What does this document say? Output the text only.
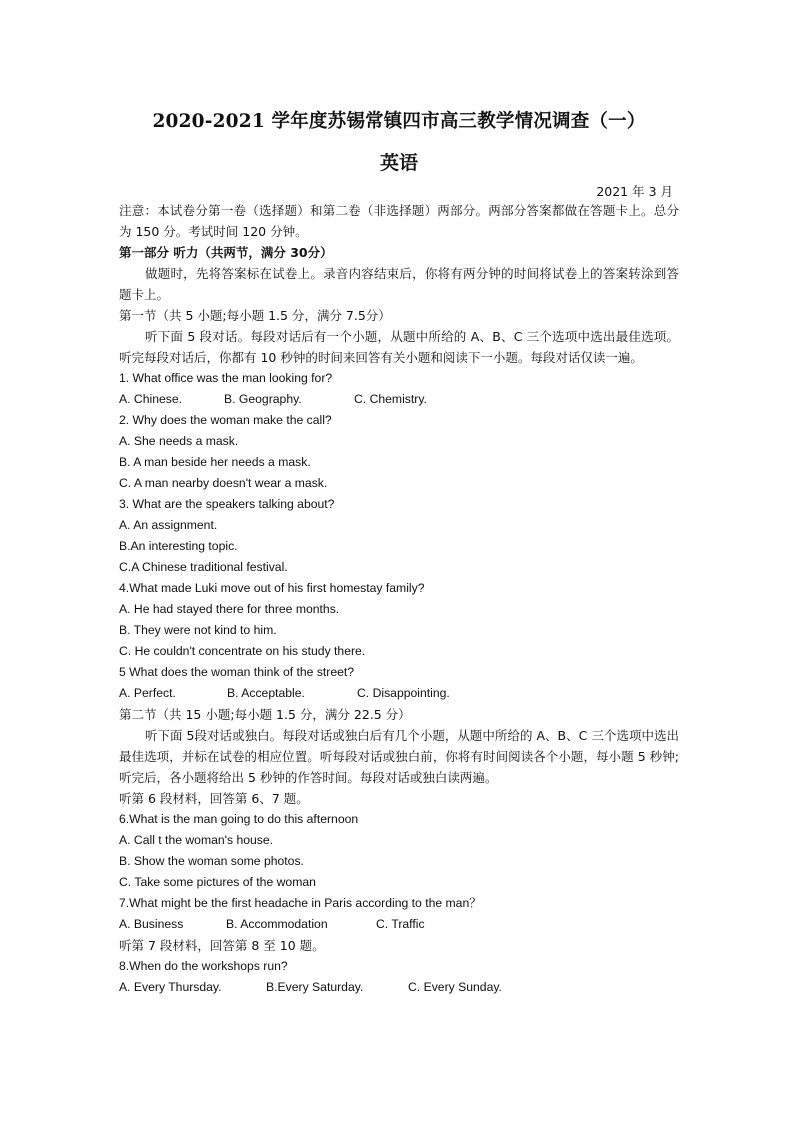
2020-2021 学年度苏锡常镇四市高三教学情况调查（一）
英语
2021 年 3 月
注意：本试卷分第一卷（选择题）和第二卷（非选择题）两部分。两部分答案都做在答题卡上。总分为 150 分。考试时间 120 分钟。
第一部分 听力（共两节，满分 30分）
做题时，先将答案标在试卷上。录音内容结束后，你将有两分钟的时间将试卷上的答案转涂到答题卡上。
第一节（共 5 小题;每小题 1.5 分，满分 7.5分）
听下面 5 段对话。每段对话后有一个小题，从题中所给的 A、B、C 三个选项中选出最佳选项。听完每段对话后，你都有 10 秒钟的时间来回答有关小题和阅读下一小题。每段对话仅读一遍。
1. What office was the man looking for?
A. Chinese.	B. Geography.	C. Chemistry.
2. Why does the woman make the call?
A. She needs a mask.
B. A man beside her needs a mask.
C. A man nearby doesn't wear a mask.
3. What are the speakers talking about?
A. An assignment.
B.An interesting topic.
C.A Chinese traditional festival.
4.What made Luki move out of his first homestay family?
A. He had stayed there for three months.
B. They were not kind to him.
C. He couldn't concentrate on his study there.
5 What does the woman think of the street?
A. Perfect.	B. Acceptable.	C. Disappointing.
第二节（共 15 小题;每小题 1.5 分，满分 22.5 分）
听下面 5段对话或独白。每段对话或独白后有几个小题，从题中所给的 A、B、C 三个选项中选出最佳选项，并标在试卷的相应位置。听每段对话或独白前，你将有时间阅读各个小题，每小题 5 秒钟;听完后，各小题将给出 5 秒钟的作答时间。每段对话或独白读两遍。
听第 6 段材料，回答第 6、7 题。
6.What is the man going to do this afternoon
A. Call t the woman's house.
B. Show the woman some photos.
C. Take some pictures of the woman
7.What might be the first headache in Paris according to the man？
A. Business	B. Accommodation	C. Traffic
听第 7 段材料，回答第 8 至 10 题。
8.When do the workshops run?
A. Every Thursday.	B.Every Saturday.	C. Every Sunday.
